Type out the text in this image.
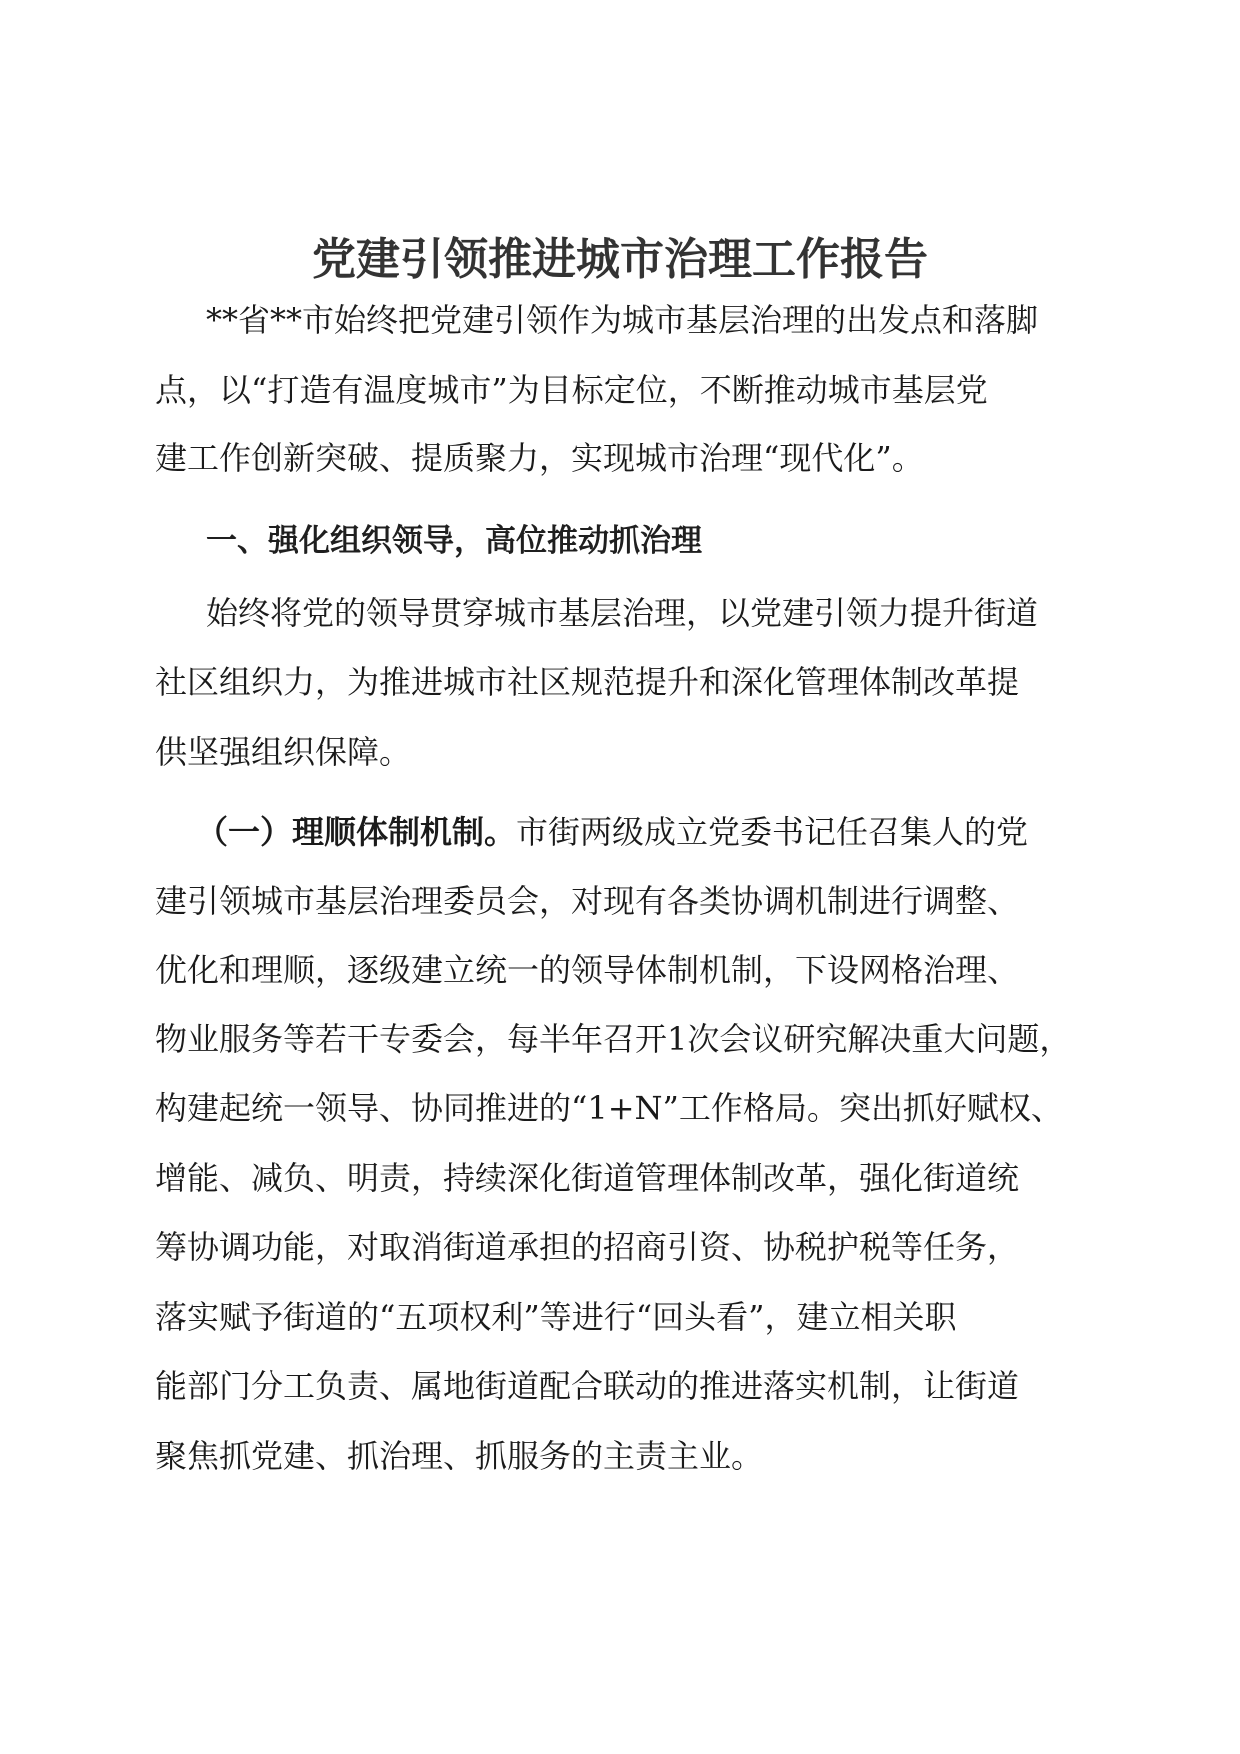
党建引领推进城市治理工作报告
**省**市始终把党建引领作为城市基层治理的出发点和落脚
点，以“打造有温度城市”为目标定位，不断推动城市基层党
建工作创新突破、提质聚力，实现城市治理“现代化”。
一、强化组织领导，高位推动抓治理
始终将党的领导贯穿城市基层治理，以党建引领力提升街道
社区组织力，为推进城市社区规范提升和深化管理体制改革提
供坚强组织保障。
（一）理顺体制机制。市街两级成立党委书记任召集人的党
建引领城市基层治理委员会，对现有各类协调机制进行调整、
优化和理顺，逐级建立统一的领导体制机制，下设网格治理、
物业服务等若干专委会，每半年召开1次会议研究解决重大问题，
构建起统一领导、协同推进的“1+N”工作格局。突出抓好赋权、
增能、减负、明责，持续深化街道管理体制改革，强化街道统
筹协调功能，对取消街道承担的招商引资、协税护税等任务，
落实赋予街道的“五项权利”等进行“回头看”，建立相关职
能部门分工负责、属地街道配合联动的推进落实机制，让街道
聚焦抓党建、抓治理、抓服务的主责主业。
